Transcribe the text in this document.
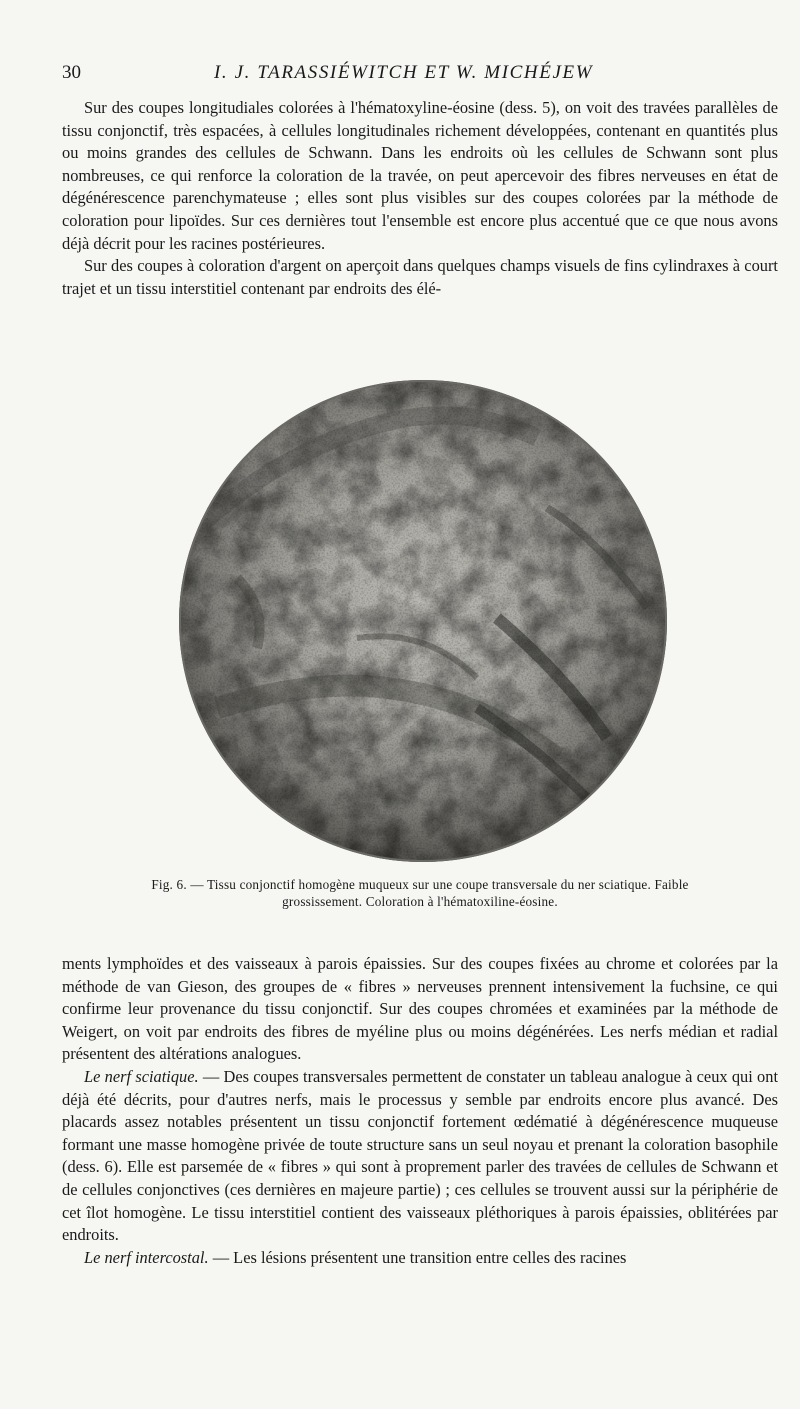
30	I. J. TARASSIÉWITCH ET W. MICHÉJEW

Sur des coupes longitudiales colorées à l'hématoxyline-éosine (dess. 5), on voit des travées parallèles de tissu conjonctif, très espacées, à cellules longitudinales richement développées, contenant en quantités plus ou moins grandes des cellules de Schwann. Dans les endroits où les cellules de Schwann sont plus nombreuses, ce qui renforce la coloration de la travée, on peut apercevoir des fibres nerveuses en état de dégénérescence parenchymateuse ; elles sont plus visibles sur des coupes colorées par la méthode de coloration pour lipoïdes. Sur ces dernières tout l'ensemble est encore plus accentué que ce que nous avons déjà décrit pour les racines postérieures.

Sur des coupes à coloration d'argent on aperçoit dans quelques champs visuels de fins cylindraxes à court trajet et un tissu interstitiel contenant par endroits des élé-

Fig. 6. — Tissu conjonctif homogène muqueux sur une coupe transversale du ner sciatique. Faible
grossissement. Coloration à l'hématoxiline-éosine.

ments lymphoïdes et des vaisseaux à parois épaissies. Sur des coupes fixées au chrome et colorées par la méthode de van Gieson, des groupes de « fibres » nerveuses prennent intensivement la fuchsine, ce qui confirme leur provenance du tissu conjonctif. Sur des coupes chromées et examinées par la méthode de Weigert, on voit par endroits des fibres de myéline plus ou moins dégénérées. Les nerfs médian et radial présentent des altérations analogues.

Le nerf sciatique. — Des coupes transversales permettent de constater un tableau analogue à ceux qui ont déjà été décrits, pour d'autres nerfs, mais le processus y semble par endroits encore plus avancé. Des placards assez notables présentent un tissu conjonctif fortement œdématié à dégénérescence muqueuse formant une masse homogène privée de toute structure sans un seul noyau et prenant la coloration basophile (dess. 6). Elle est parsemée de « fibres » qui sont à proprement parler des travées de cellules de Schwann et de cellules conjonctives (ces dernières en majeure partie) ; ces cellules se trouvent aussi sur la périphérie de cet îlot homogène. Le tissu interstitiel contient des vaisseaux pléthoriques à parois épaissies, oblitérées par endroits.

Le nerf intercostal. — Les lésions présentent une transition entre celles des racines
